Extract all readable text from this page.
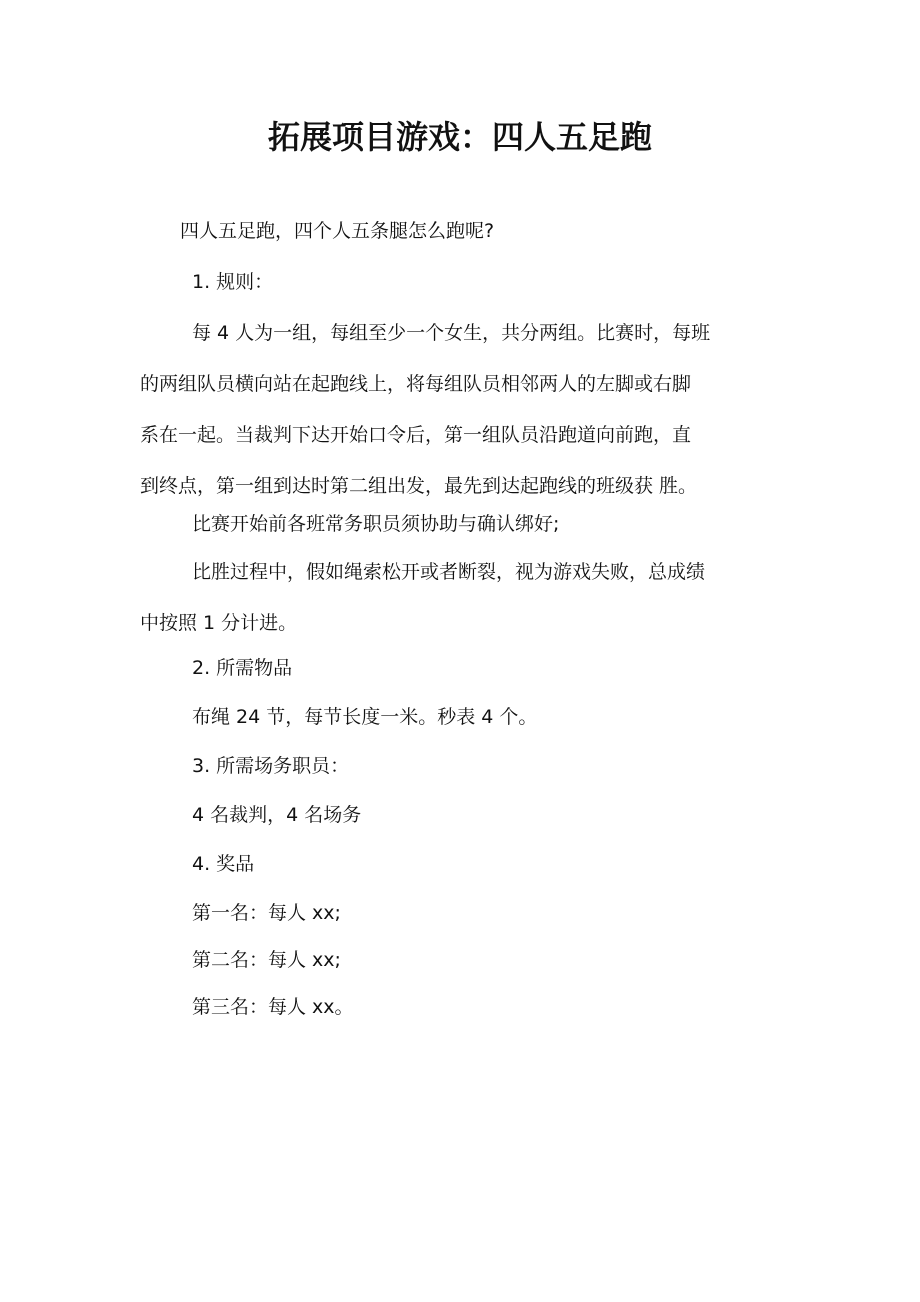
拓展项目游戏：四人五足跑

四人五足跑，四个人五条腿怎么跑呢?

1. 规则：

每 4 人为一组，每组至少一个女生，共分两组。比赛时，每班
的两组队员横向站在起跑线上，将每组队员相邻两人的左脚或右脚
系在一起。当裁判下达开始口令后，第一组队员沿跑道向前跑，直
到终点，第一组到达时第二组出发，最先到达起跑线的班级获 胜。

比赛开始前各班常务职员须协助与确认绑好;

比胜过程中，假如绳索松开或者断裂，视为游戏失败，总成绩
中按照 1 分计进。

2. 所需物品

布绳 24 节，每节长度一米。秒表 4 个。

3. 所需场务职员：

4 名裁判，4 名场务

4. 奖品

第一名：每人 xx;

第二名：每人 xx;

第三名：每人 xx。
